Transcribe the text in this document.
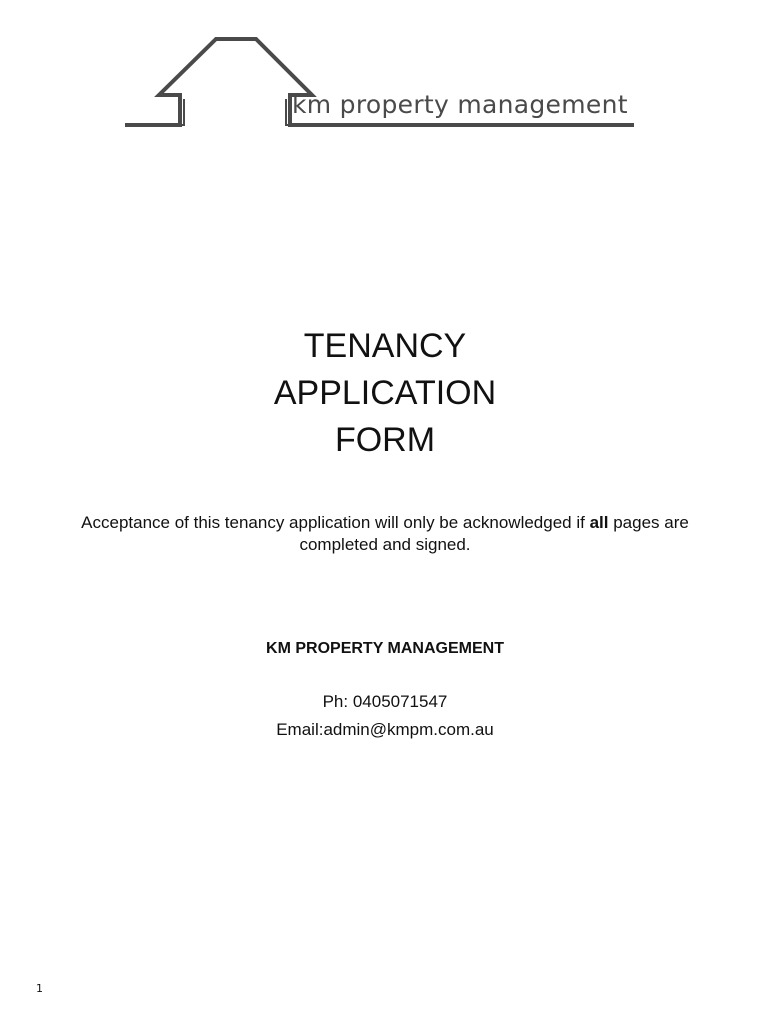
km property management
TENANCY
APPLICATION
FORM
Acceptance of this tenancy application will only be acknowledged if all pages are completed and signed.
KM PROPERTY MANAGEMENT
Ph: 0405071547
Email:admin@kmpm.com.au
1
